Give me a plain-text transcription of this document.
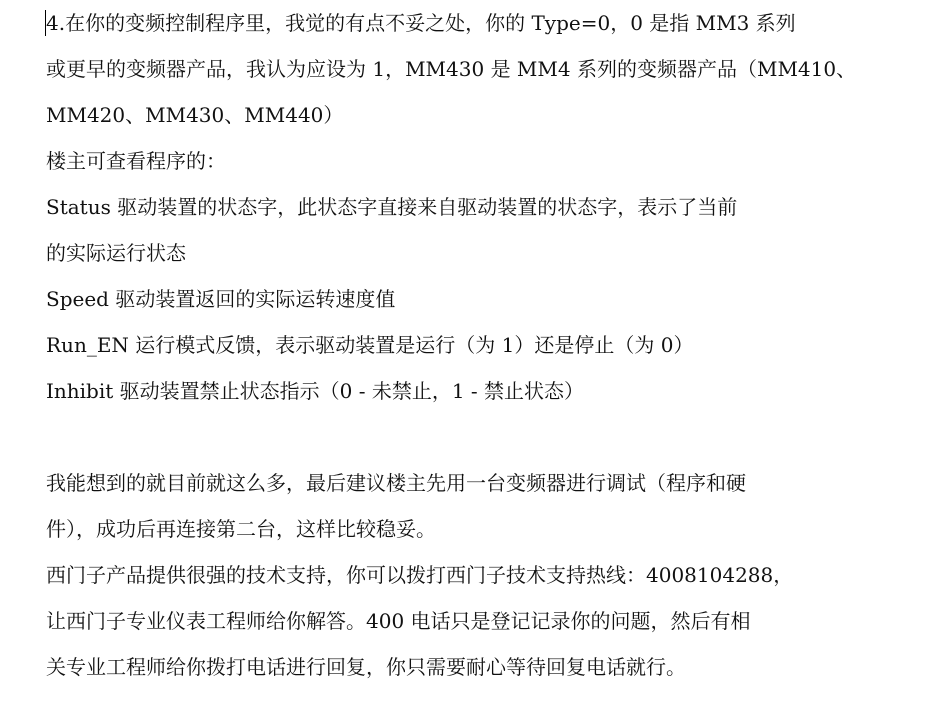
4.在你的变频控制程序里，我觉的有点不妥之处，你的 Type=0，0 是指 MM3 系列
或更早的变频器产品，我认为应设为 1，MM430 是 MM4 系列的变频器产品（MM410、
MM420、MM430、MM440）
楼主可查看程序的：
Status 驱动装置的状态字，此状态字直接来自驱动装置的状态字，表示了当前
的实际运行状态
Speed 驱动装置返回的实际运转速度值
Run_EN 运行模式反馈，表示驱动装置是运行（为 1）还是停止（为 0）
Inhibit 驱动装置禁止状态指示（0 - 未禁止，1 - 禁止状态）
我能想到的就目前就这么多，最后建议楼主先用一台变频器进行调试（程序和硬
件），成功后再连接第二台，这样比较稳妥。
西门子产品提供很强的技术支持，你可以拨打西门子技术支持热线：4008104288，
让西门子专业仪表工程师给你解答。400 电话只是登记记录你的问题，然后有相
关专业工程师给你拨打电话进行回复，你只需要耐心等待回复电话就行。
